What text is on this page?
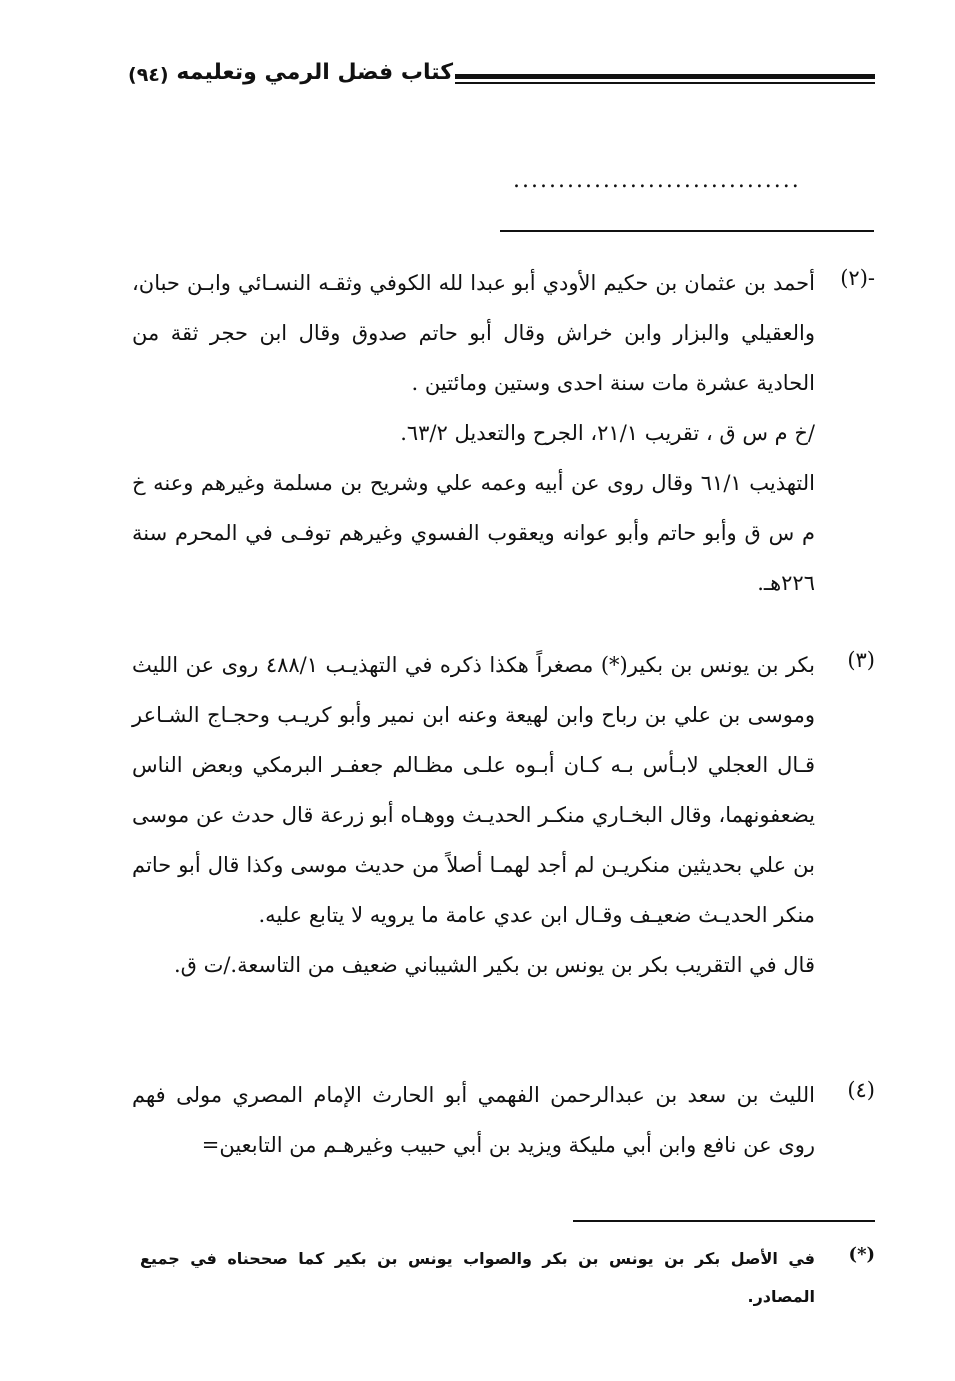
كتاب فضل الرمي وتعليمه
(٩٤)
................................
-(٢)

أحمد بن عثمان بن حكيم الأودي أبو عبدا لله الكوفي وثقـه النسـائي وابـن حبان، والعقيلي والبزار وابن خراش وقال أبو حاتم صدوق وقال ابن حجر ثقة من الحادية عشرة مات سنة احدى وستين ومائتين .

/خ م س ق ، تقريب ٢١/١، الجرح والتعديل ٦٣/٢.

التهذيب ٦١/١ وقال روى عن أبيه وعمه علي وشريح بن مسلمة وغيرهم وعنه خ م س ق وأبو حاتم وأبو عوانه ويعقوب الفسوي وغيرهم توفـى في المحرم سنة ٢٢٦هـ.

(٣)

بكر بن يونس بن بكير(*) مصغراً هكذا ذكره في التهذيـب ٤٨٨/١ روى عن الليث وموسى بن علي بن رباح وابن لهيعة وعنه ابن نمير وأبو كريـب وحجـاج الشـاعر قـال العجلي لابـأس بـه كـان أبـوه علـى مظـالم جعفـر البرمكي وبعض الناس يضعفونهما، وقال البخـاري منكـر الحديـث ووهـاه أبو زرعة قال حدث عن موسى بن علي بحديثين منكريـن لم أجد لهمـا أصلاً من حديث موسى وكذا قال أبو حاتم منكر الحديـث ضعيـف وقـال ابن عدي عامة ما يرويه لا يتابع عليه.

قال في التقريب بكر بن يونس بن بكير الشيباني ضعيف من التاسعة./ت ق.

(٤)

الليث بن سعد بن عبدالرحمن الفهمي أبو الحارث الإمام المصري مولى فهم روى عن نافع وابن أبي مليكة ويزيد بن أبي حبيب وغيرهـم من التابعين=

(*)
في الأصل بكر بن يونس بن بكر والصواب يونس بن بكير كما صححناه في جميع المصادر.
